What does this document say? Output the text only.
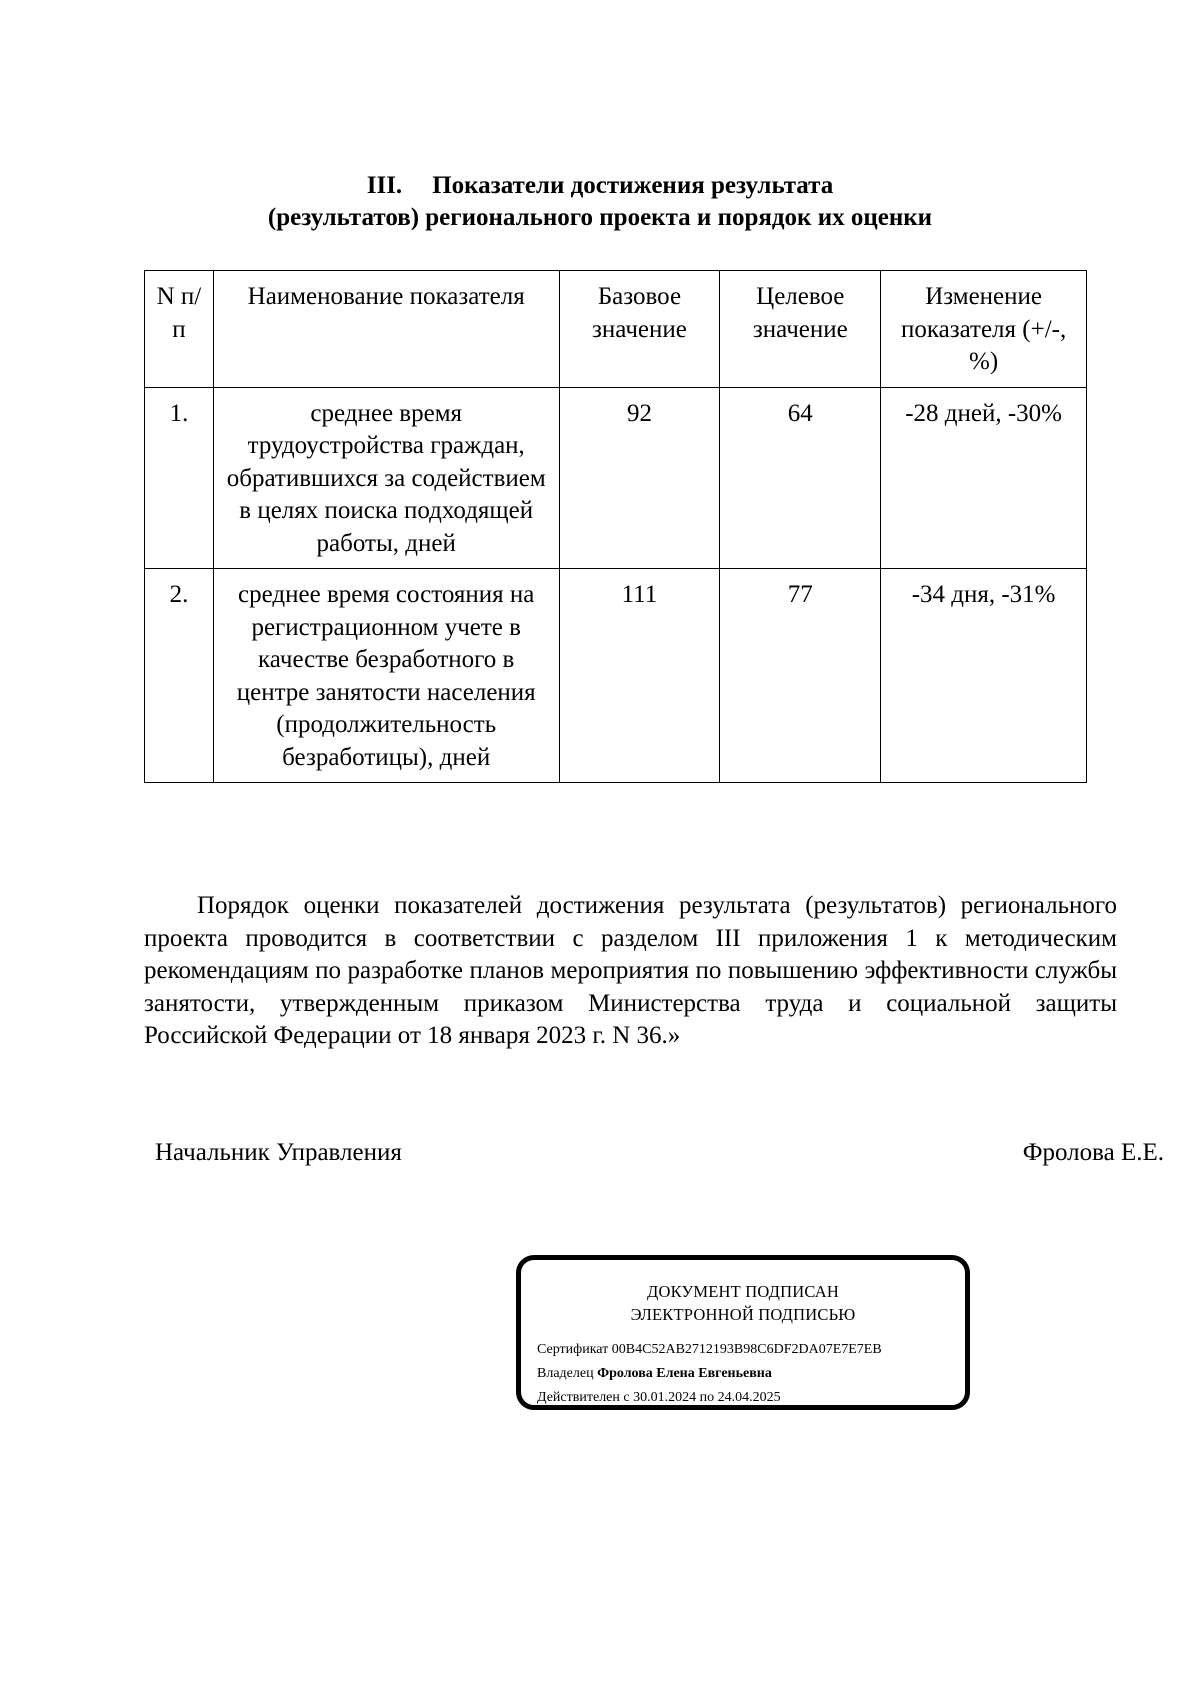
III. Показатели достижения результата
(результатов) регионального проекта и порядок их оценки
N п/п	Наименование показателя	Базовое значение	Целевое значение	Изменение показателя (+/-, %)
1.	среднее время трудоустройства граждан, обратившихся за содействием в целях поиска подходящей работы, дней	92	64	-28 дней, -30%
2.	среднее время состояния на регистрационном учете в качестве безработного в центре занятости населения (продолжительность безработицы), дней	111	77	-34 дня, -31%
Порядок оценки показателей достижения результата (результатов) регионального проекта проводится в соответствии с разделом III приложения 1 к методическим рекомендациям по разработке планов мероприятия по повышению эффективности службы занятости, утвержденным приказом Министерства труда и социальной защиты Российской Федерации от 18 января 2023 г. N 36.»
Начальник Управления	Фролова Е.Е.
ДОКУМЕНТ ПОДПИСАН
ЭЛЕКТРОННОЙ ПОДПИСЬЮ
Сертификат 00B4C52AB2712193B98C6DF2DA07E7E7EB
Владелец Фролова Елена Евгеньевна
Действителен с 30.01.2024 по 24.04.2025
